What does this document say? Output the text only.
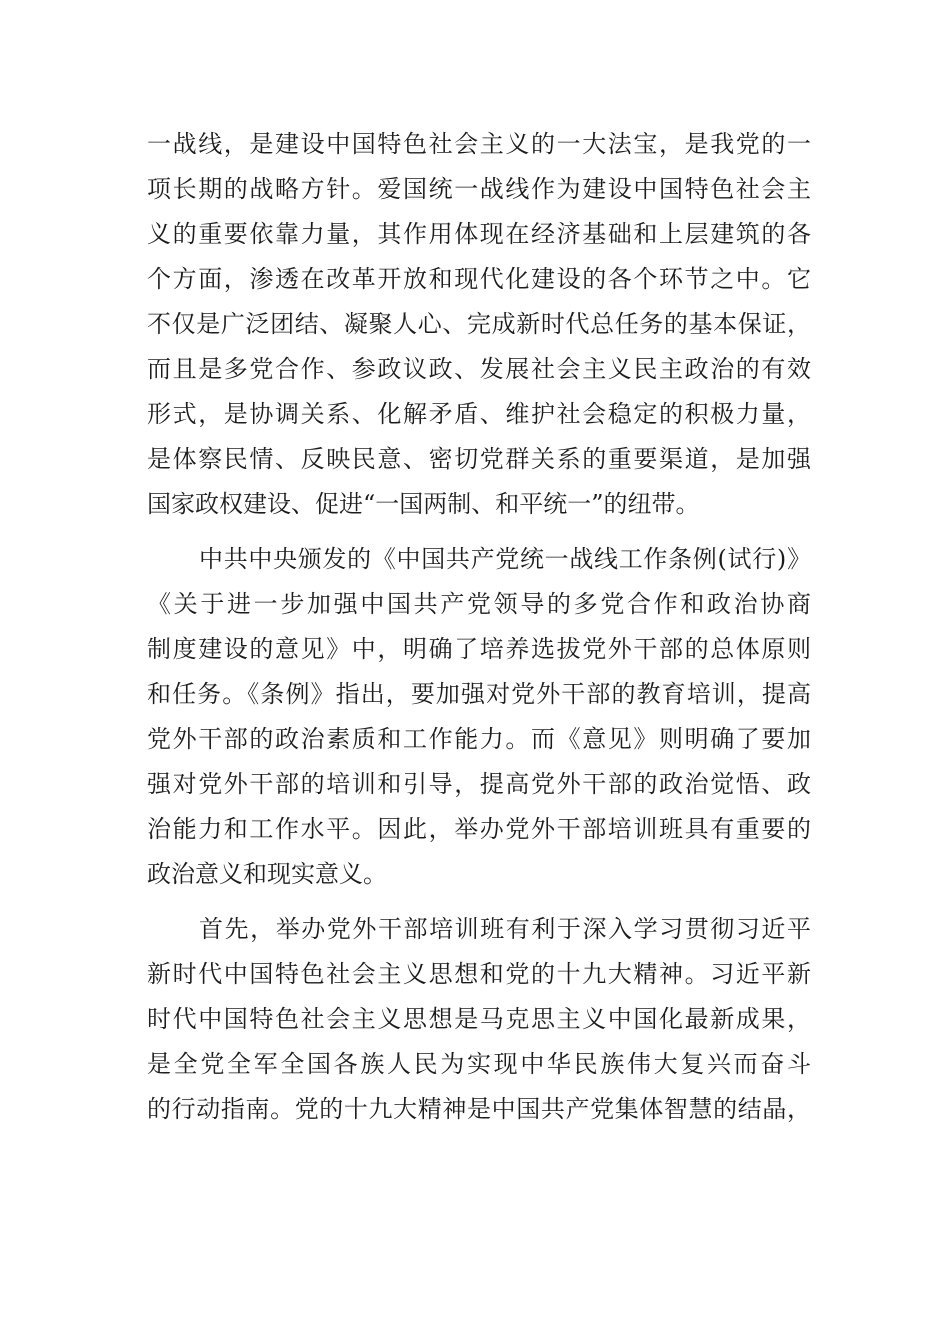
一战线，是建设中国特色社会主义的一大法宝，是我党的一
项长期的战略方针。爱国统一战线作为建设中国特色社会主
义的重要依靠力量，其作用体现在经济基础和上层建筑的各
个方面，渗透在改革开放和现代化建设的各个环节之中。它
不仅是广泛团结、凝聚人心、完成新时代总任务的基本保证，
而且是多党合作、参政议政、发展社会主义民主政治的有效
形式，是协调关系、化解矛盾、维护社会稳定的积极力量，
是体察民情、反映民意、密切党群关系的重要渠道，是加强
国家政权建设、促进“一国两制、和平统一”的纽带。
中共中央颁发的《中国共产党统一战线工作条例(试行)》
《关于进一步加强中国共产党领导的多党合作和政治协商
制度建设的意见》中，明确了培养选拔党外干部的总体原则
和任务。《条例》指出，要加强对党外干部的教育培训，提高
党外干部的政治素质和工作能力。而《意见》则明确了要加
强对党外干部的培训和引导，提高党外干部的政治觉悟、政
治能力和工作水平。因此，举办党外干部培训班具有重要的
政治意义和现实意义。
首先，举办党外干部培训班有利于深入学习贯彻习近平
新时代中国特色社会主义思想和党的十九大精神。习近平新
时代中国特色社会主义思想是马克思主义中国化最新成果，
是全党全军全国各族人民为实现中华民族伟大复兴而奋斗
的行动指南。党的十九大精神是中国共产党集体智慧的结晶，
